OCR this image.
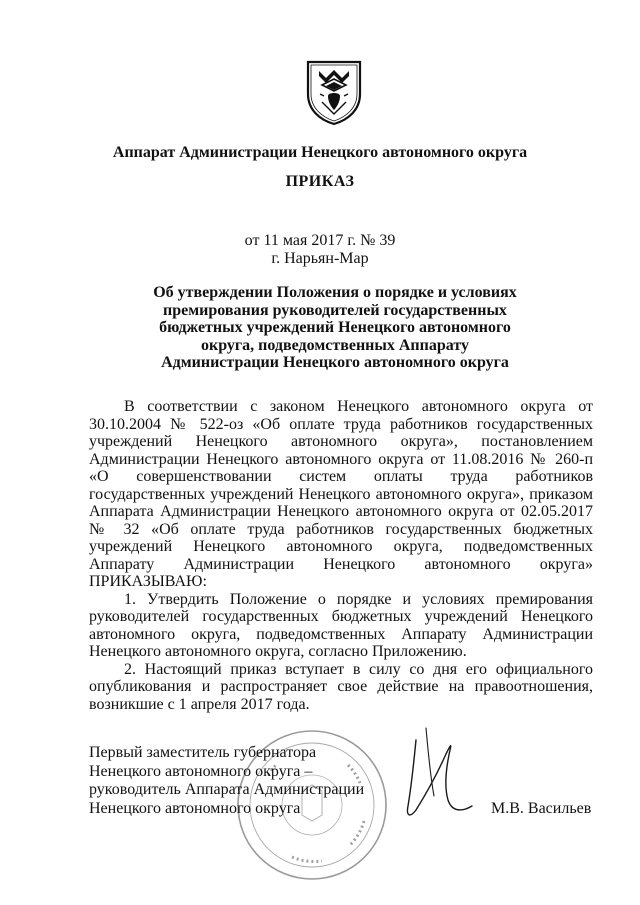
Аппарат Администрации Ненецкого автономного округа
ПРИКАЗ
от 11 мая 2017 г. № 39
г. Нарьян-Мар
Об утверждении Положения о порядке и условиях
премирования руководителей государственных
бюджетных учреждений Ненецкого автономного
округа, подведомственных Аппарату
Администрации Ненецкого автономного округа

В соответствии с законом Ненецкого автономного округа от 30.10.2004 № 522-оз «Об оплате труда работников государственных учреждений Ненецкого автономного округа», постановлением Администрации Ненецкого автономного округа от 11.08.2016 № 260-п «О совершенствовании систем оплаты труда работников государственных учреждений Ненецкого автономного округа», приказом Аппарата Администрации Ненецкого автономного округа от 02.05.2017 № 32 «Об оплате труда работников государственных бюджетных учреждений Ненецкого автономного округа, подведомственных Аппарату Администрации Ненецкого автономного округа» ПРИКАЗЫВАЮ:

1. Утвердить Положение о порядке и условиях премирования руководителей государственных бюджетных учреждений Ненецкого автономного округа, подведомственных Аппарату Администрации Ненецкого автономного округа, согласно Приложению.

2. Настоящий приказ вступает в силу со дня его официального опубликования и распространяет свое действие на правоотношения, возникшие с 1 апреля 2017 года.

Первый заместитель губернатора
Ненецкого автономного округа –
руководитель Аппарата Администрации
Ненецкого автономного округа	М.В. Васильев
